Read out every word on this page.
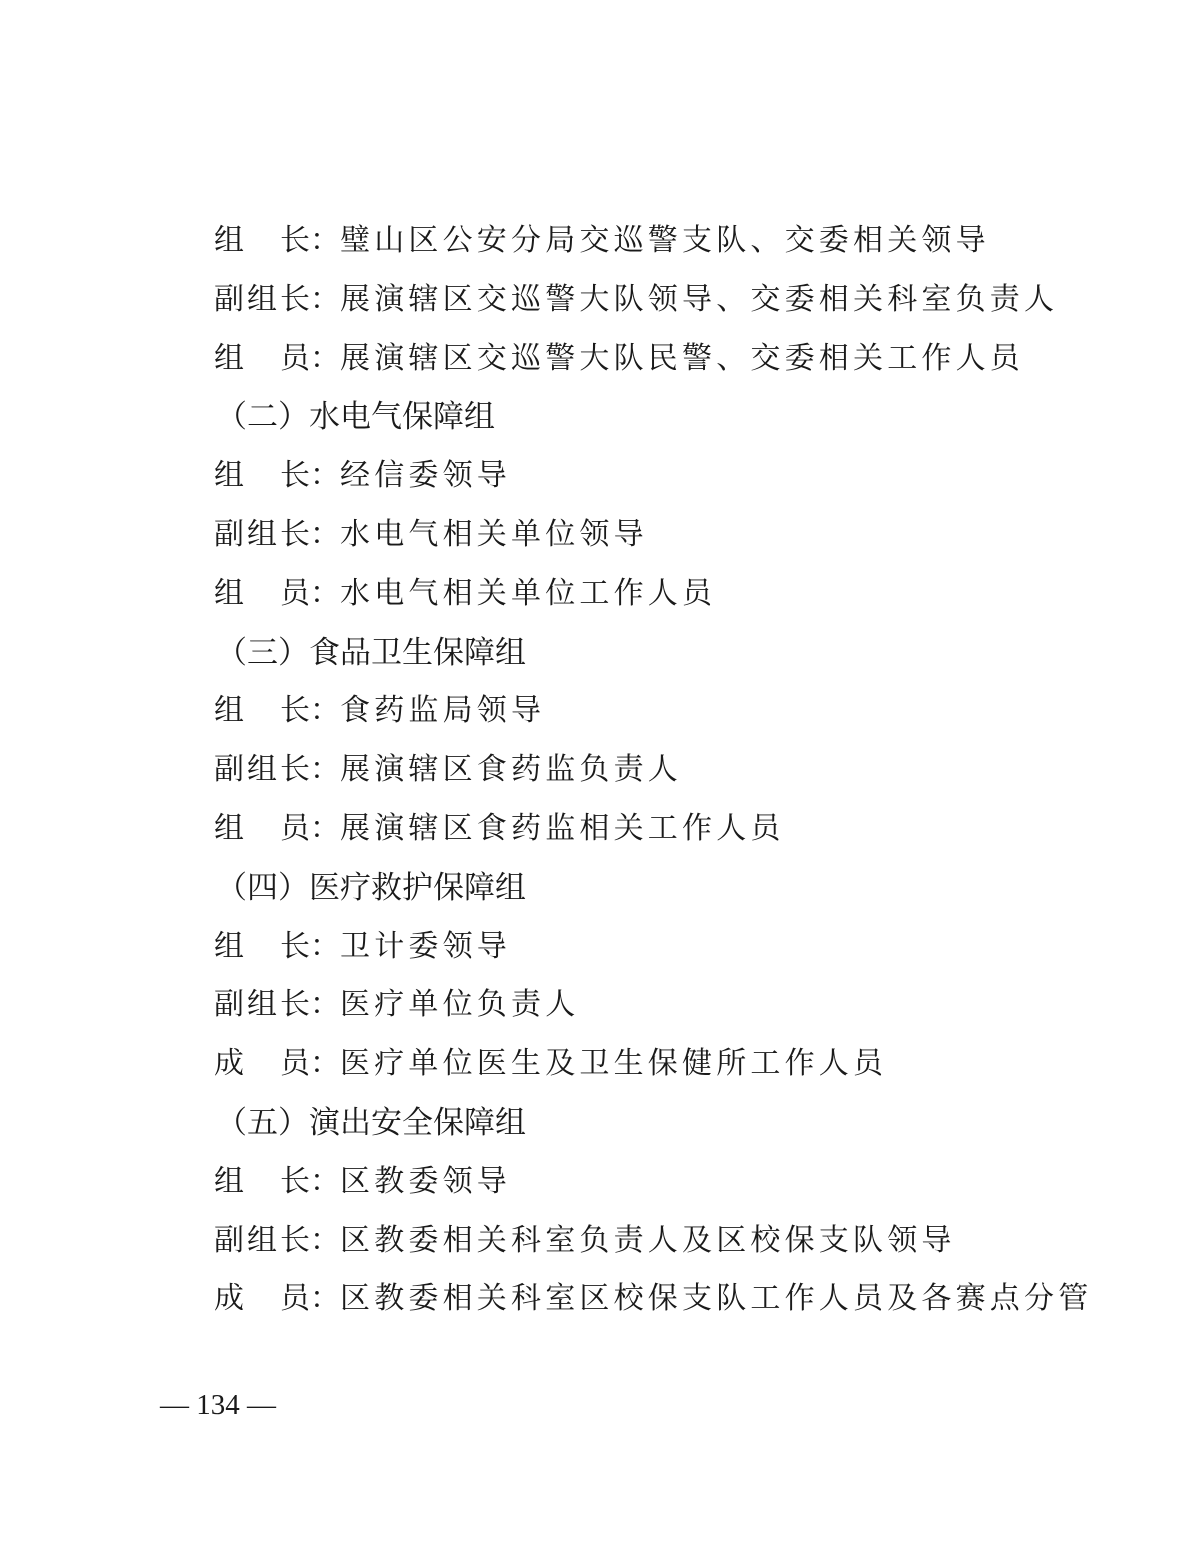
组长 ： 璧山区公安分局交巡警支队、交委相关领导
副组长 ： 展演辖区交巡警大队领导、交委相关科室负责人
组员 ： 展演辖区交巡警大队民警、交委相关工作人员
（二）水电气保障组
组长 ： 经信委领导
副组长 ： 水电气相关单位领导
组员 ： 水电气相关单位工作人员
（三）食品卫生保障组
组长 ： 食药监局领导
副组长 ： 展演辖区食药监负责人
组员 ： 展演辖区食药监相关工作人员
（四）医疗救护保障组
组长 ： 卫计委领导
副组长 ： 医疗单位负责人
成员 ： 医疗单位医生及卫生保健所工作人员
（五）演出安全保障组
组长 ： 区教委领导
副组长 ： 区教委相关科室负责人及区校保支队领导
成员 ： 区教委相关科室区校保支队工作人员及各赛点分管
— 134 —
